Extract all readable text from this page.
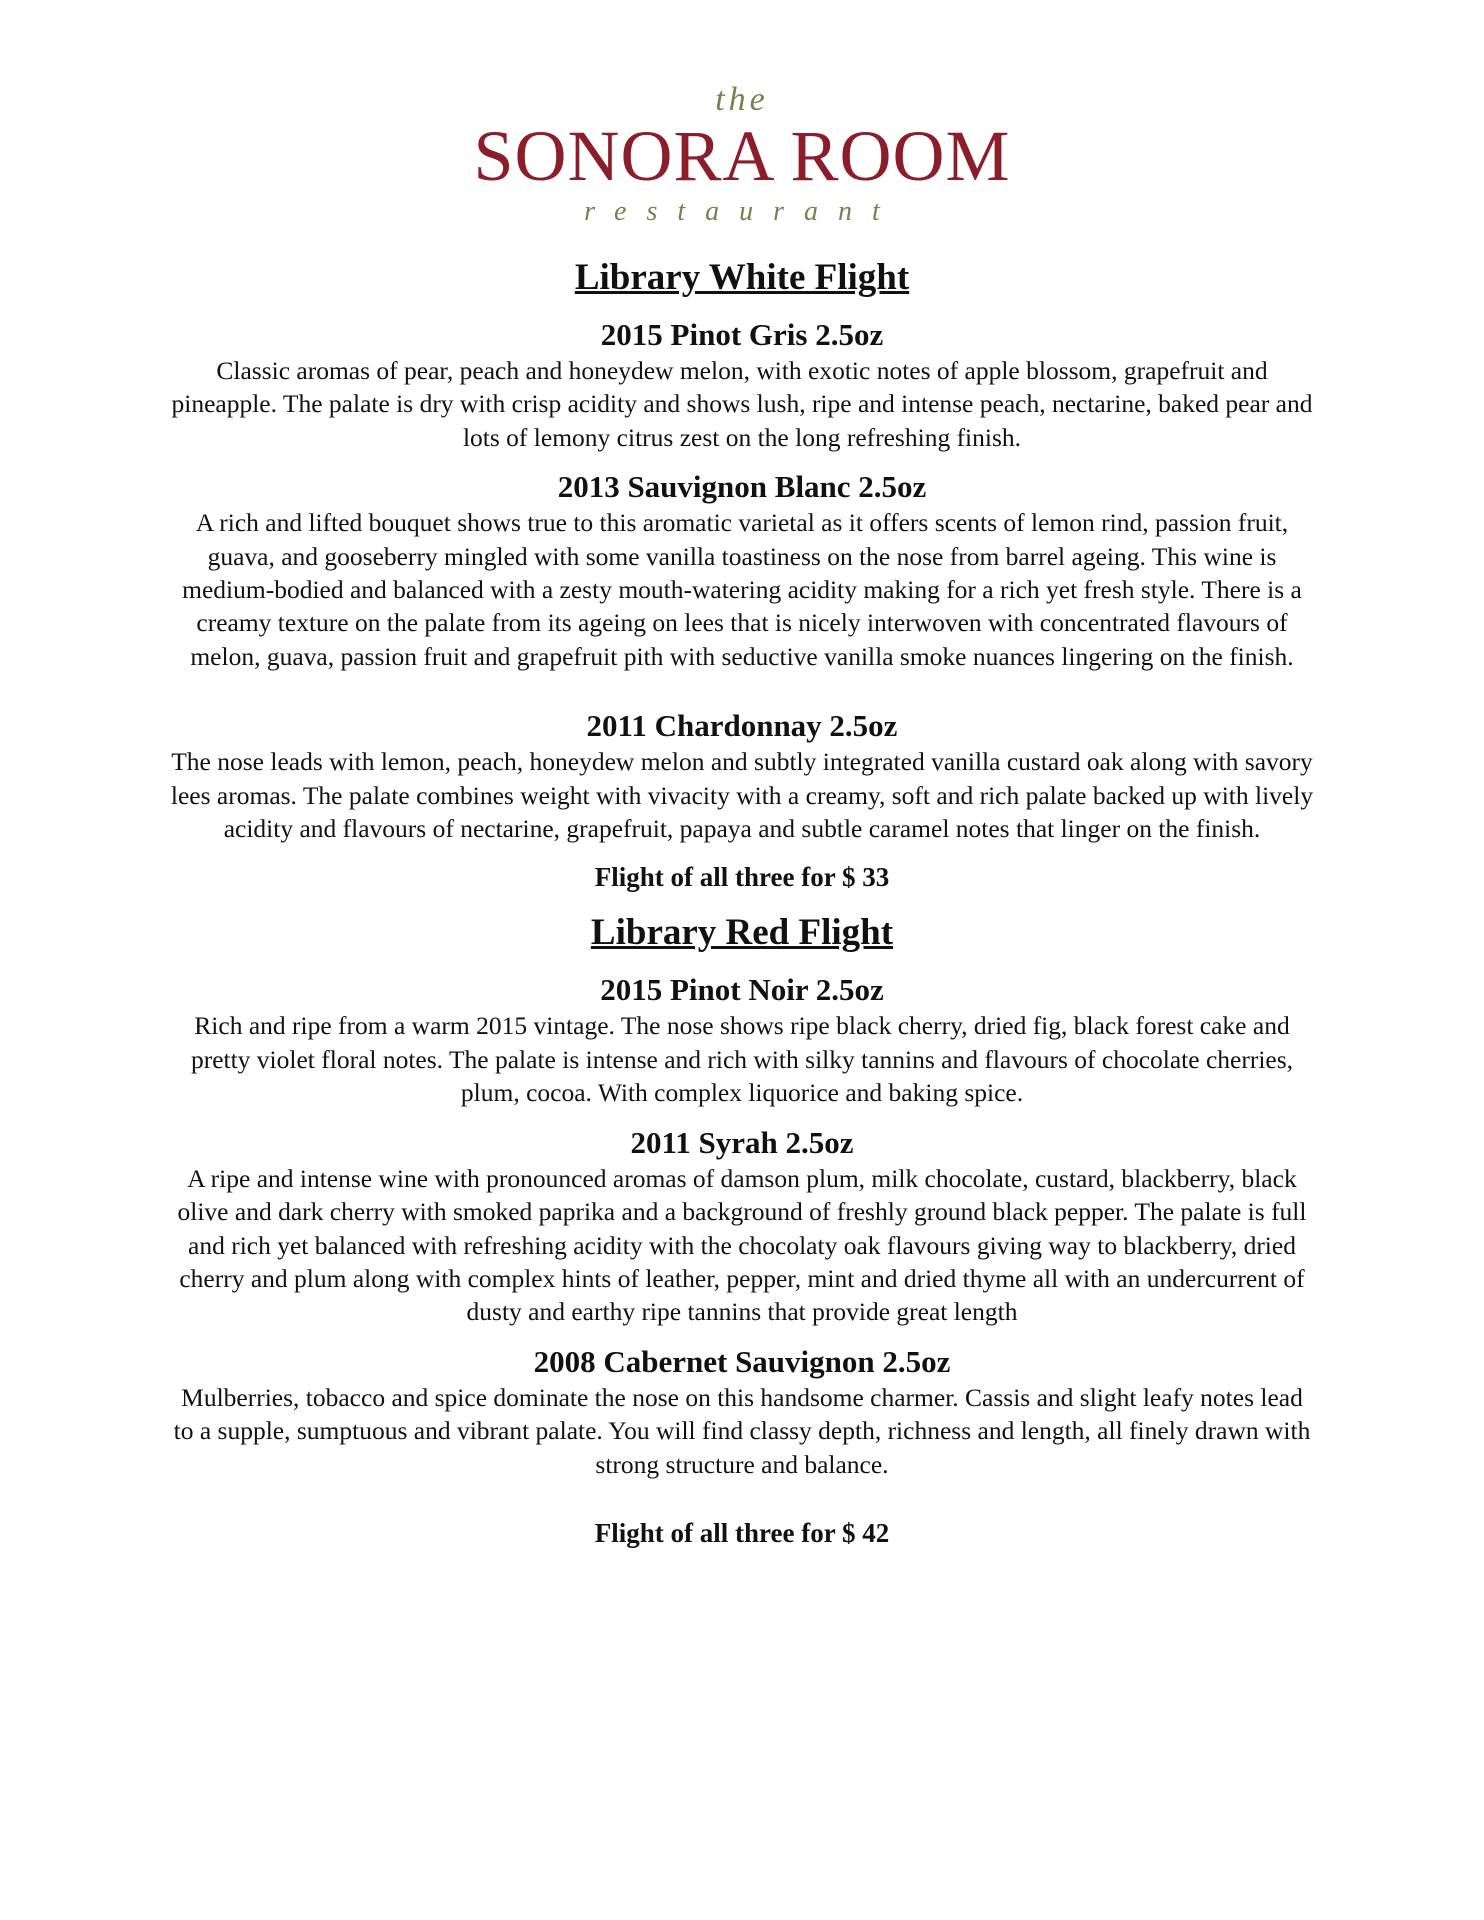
the
SONORA ROOM
restaurant
Library White Flight
2015 Pinot Gris 2.5oz

Classic aromas of pear, peach and honeydew melon, with exotic notes of apple blossom, grapefruit and pineapple. The palate is dry with crisp acidity and shows lush, ripe and intense peach, nectarine, baked pear and lots of lemony citrus zest on the long refreshing finish.

2013 Sauvignon Blanc 2.5oz

A rich and lifted bouquet shows true to this aromatic varietal as it offers scents of lemon rind, passion fruit, guava, and gooseberry mingled with some vanilla toastiness on the nose from barrel ageing. This wine is medium-bodied and balanced with a zesty mouth-watering acidity making for a rich yet fresh style. There is a creamy texture on the palate from its ageing on lees that is nicely interwoven with concentrated flavours of melon, guava, passion fruit and grapefruit pith with seductive vanilla smoke nuances lingering on the finish.

2011 Chardonnay 2.5oz

The nose leads with lemon, peach, honeydew melon and subtly integrated vanilla custard oak along with savory lees aromas. The palate combines weight with vivacity with a creamy, soft and rich palate backed up with lively acidity and flavours of nectarine, grapefruit, papaya and subtle caramel notes that linger on the finish.

Flight of all three for $ 33

Library Red Flight
2015 Pinot Noir 2.5oz

Rich and ripe from a warm 2015 vintage. The nose shows ripe black cherry, dried fig, black forest cake and pretty violet floral notes. The palate is intense and rich with silky tannins and flavours of chocolate cherries, plum, cocoa. With complex liquorice and baking spice.

2011 Syrah 2.5oz

A ripe and intense wine with pronounced aromas of damson plum, milk chocolate, custard, blackberry, black olive and dark cherry with smoked paprika and a background of freshly ground black pepper. The palate is full and rich yet balanced with refreshing acidity with the chocolaty oak flavours giving way to blackberry, dried cherry and plum along with complex hints of leather, pepper, mint and dried thyme all with an undercurrent of dusty and earthy ripe tannins that provide great length

2008 Cabernet Sauvignon 2.5oz

Mulberries, tobacco and spice dominate the nose on this handsome charmer. Cassis and slight leafy notes lead to a supple, sumptuous and vibrant palate. You will find classy depth, richness and length, all finely drawn with strong structure and balance.

Flight of all three for $ 42
